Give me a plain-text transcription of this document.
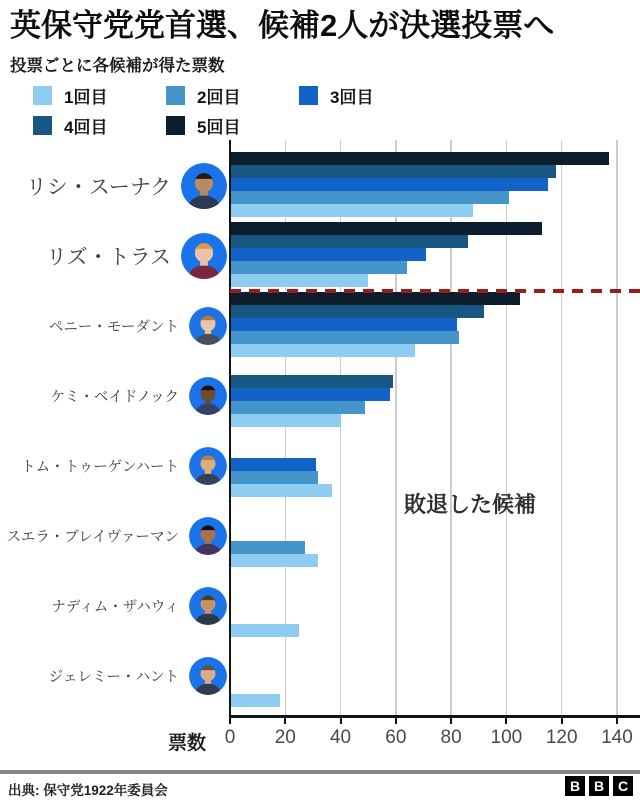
英保守党党首選、候補2人が決選投票へ
投票ごとに各候補が得た票数
1回目	2回目	3回目
4回目	5回目
0	20	40	60	80	100	120	140
票数
リシ・スーナク
リズ・トラス
ペニー・モーダント
ケミ・ベイドノック
トム・トゥーゲンハート
スエラ・ブレイヴァーマン
ナディム・ザハウィ
ジェレミー・ハント
敗退した候補
出典: 保守党1922年委員会	B B C
